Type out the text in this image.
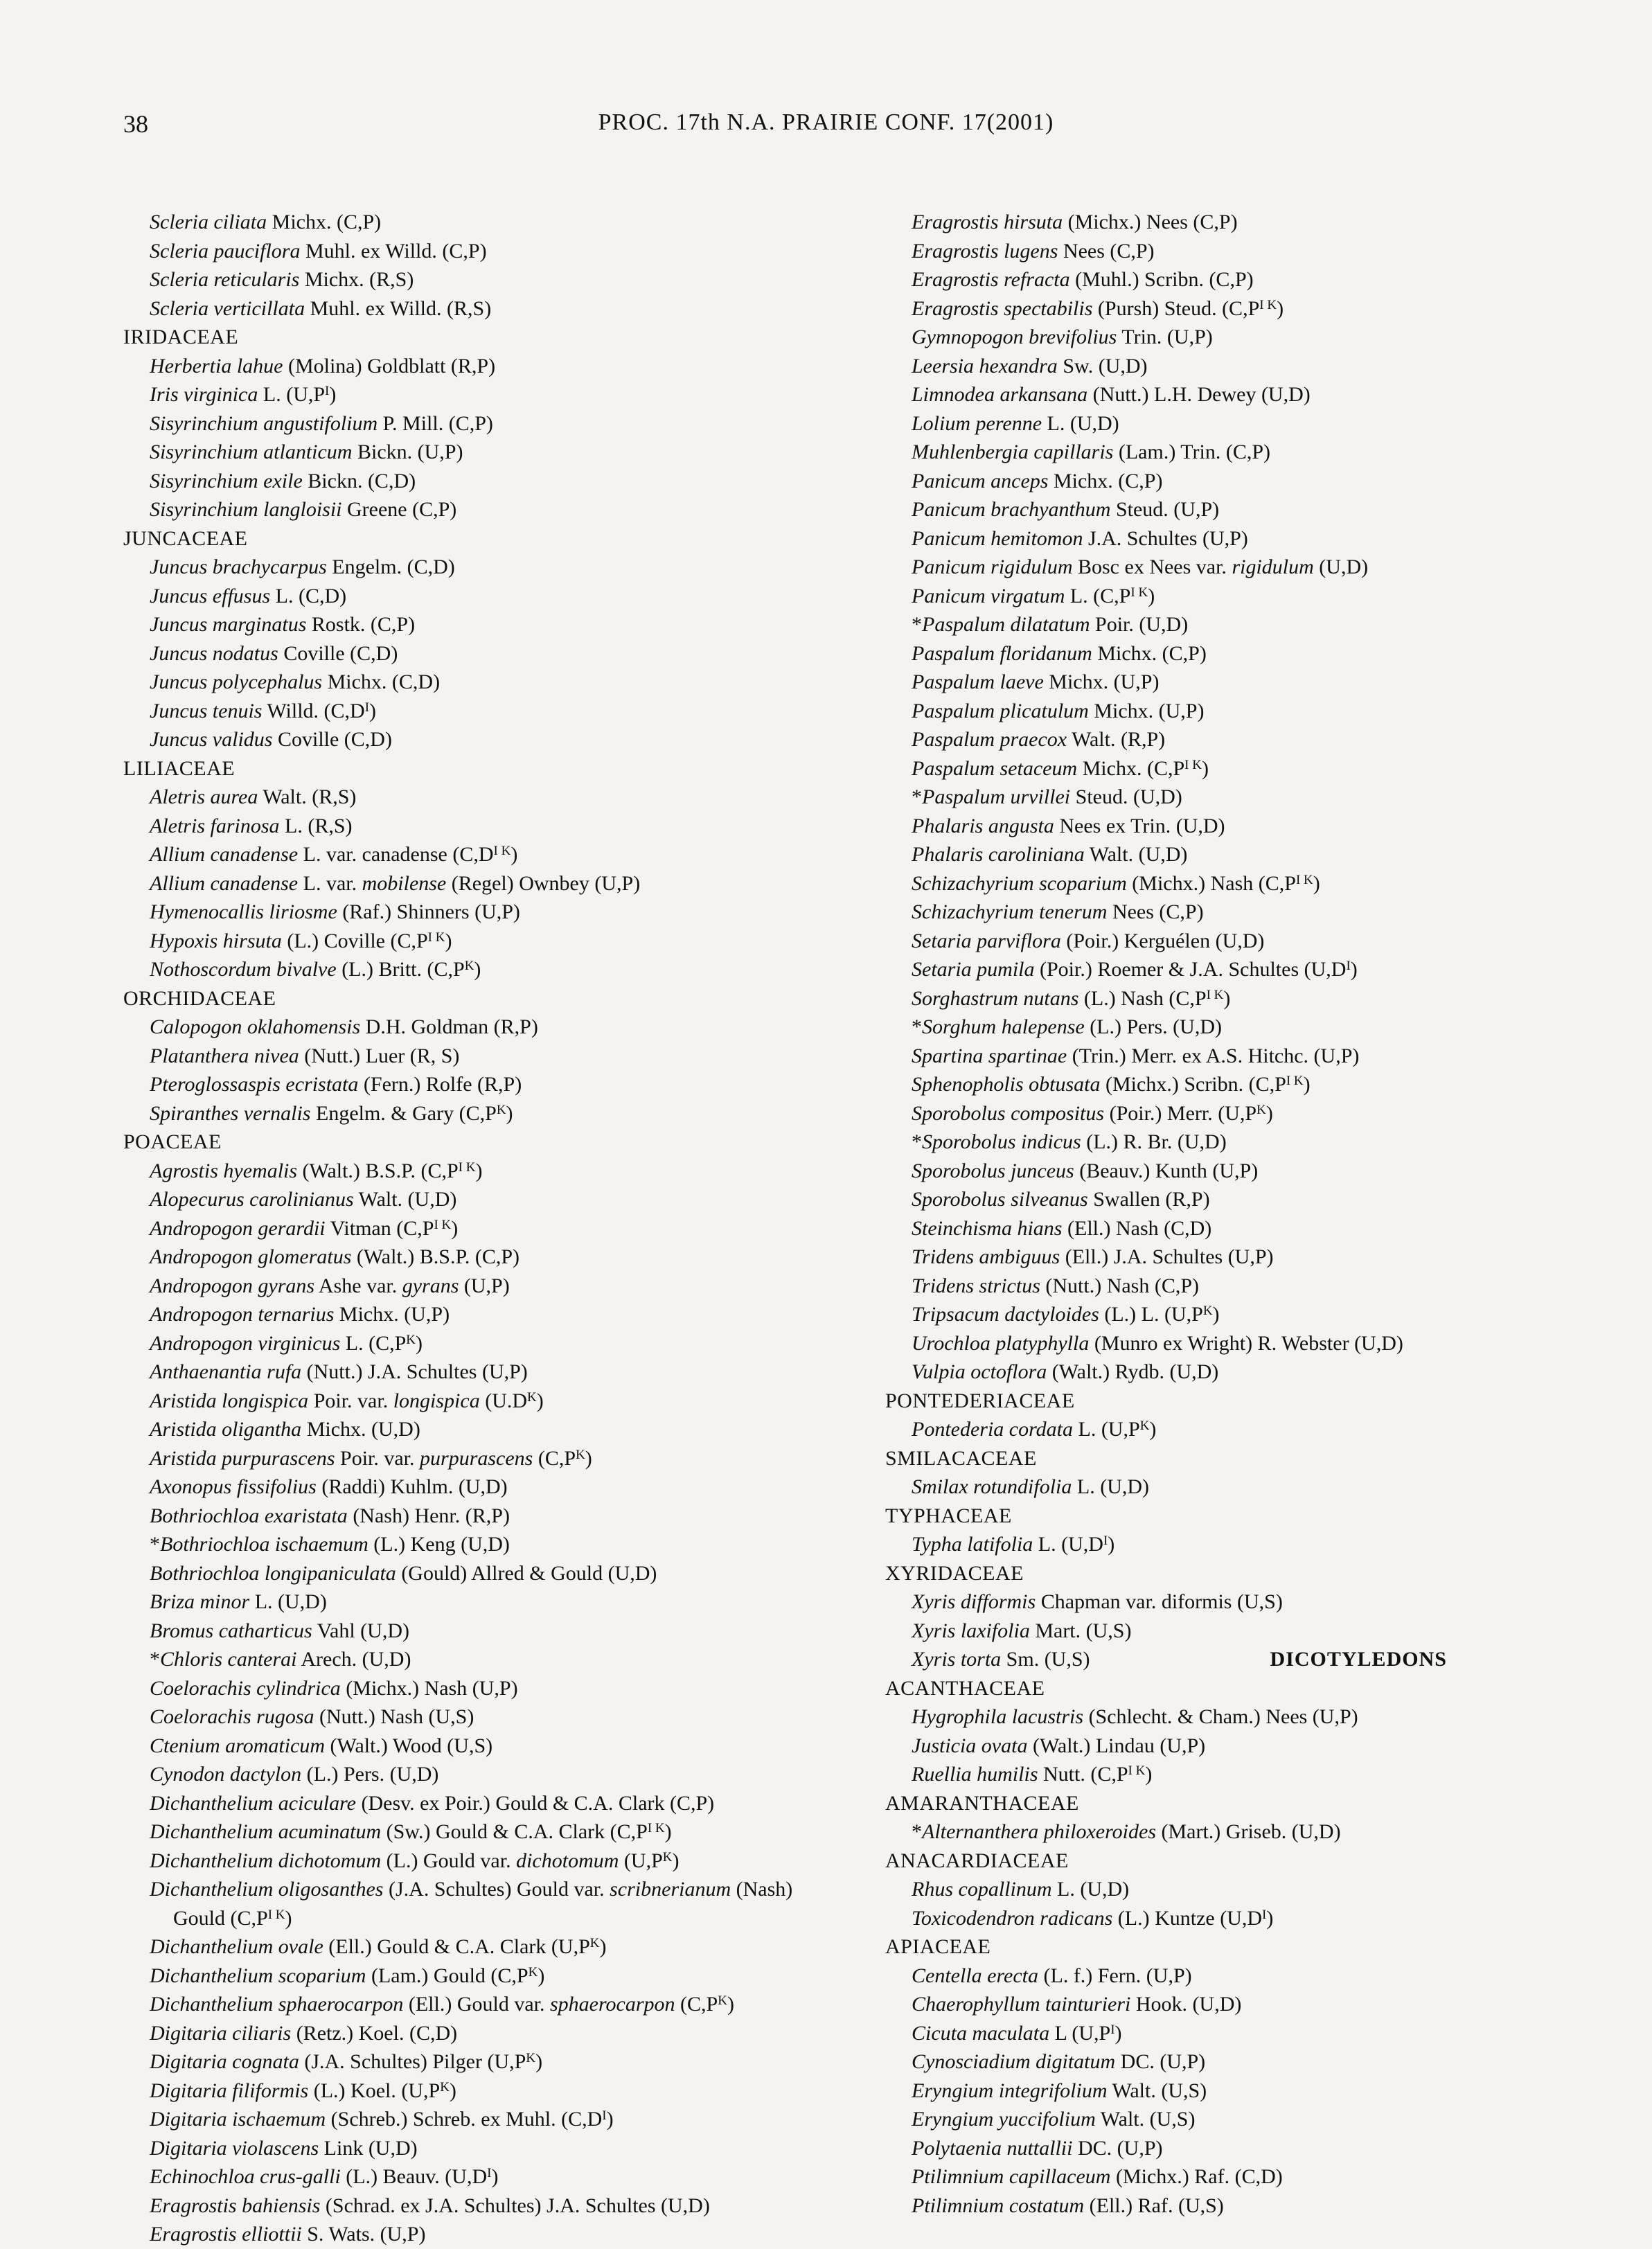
38	PROC. 17th N.A. PRAIRIE CONF. 17(2001)
Scleria ciliata Michx. (C,P)
Scleria pauciflora Muhl. ex Willd. (C,P)
Scleria reticularis Michx. (R,S)
Scleria verticillata Muhl. ex Willd. (R,S)
IRIDACEAE
Herbertia lahue (Molina) Goldblatt (R,P)
Iris virginica L. $(U,P^I)$
Sisyrinchium angustifolium P. Mill. (C,P)
Sisyrinchium atlanticum Bickn. (U,P)
Sisyrinchium exile Bickn. (C,D)
Sisyrinchium langloisii Greene (C,P)
JUNCACEAE
Juncus brachycarpus Engelm. (C,D)
Juncus effusus L. (C,D)
Juncus marginatus Rostk. (C,P)
Juncus nodatus Coville (C,D)
Juncus polycephalus Michx. (C,D)
Juncus tenuis Willd. $(C,D^I)$
Juncus validus Coville (C,D)
LILIACEAE
Aletris aurea Walt. (R,S)
Aletris farinosa L. (R,S)
Allium canadense L. var. canadense $(C,D^{I K})$
Allium canadense L. var. mobilense (Regel) Ownbey (U,P)
Hymenocallis liriosme (Raf.) Shinners (U,P)
Hypoxis hirsuta (L.) Coville $(C,P^{I K})$
Nothoscordum bivalve (L.) Britt. $(C,P^K)$
ORCHIDACEAE
Calopogon oklahomensis D.H. Goldman (R,P)
Platanthera nivea (Nutt.) Luer (R, S)
Pteroglossaspis ecristata (Fern.) Rolfe (R,P)
Spiranthes vernalis Engelm. & Gary $(C,P^K)$
POACEAE
Agrostis hyemalis (Walt.) B.S.P. $(C,P^{I K})$
Alopecurus carolinianus Walt. (U,D)
Andropogon gerardii Vitman $(C,P^{I K})$
Andropogon glomeratus (Walt.) B.S.P. (C,P)
Andropogon gyrans Ashe var. gyrans (U,P)
Andropogon ternarius Michx. (U,P)
Andropogon virginicus L. $(C,P^K)$
Anthaenantia rufa (Nutt.) J.A. Schultes (U,P)
Aristida longispica Poir. var. longispica $(U.D^K)$
Aristida oligantha Michx. (U,D)
Aristida purpurascens Poir. var. purpurascens $(C,P^K)$
Axonopus fissifolius (Raddi) Kuhlm. (U,D)
Bothriochloa exaristata (Nash) Henr. (R,P)
*Bothriochloa ischaemum (L.) Keng (U,D)
Bothriochloa longipaniculata (Gould) Allred & Gould (U,D)
Briza minor L. (U,D)
Bromus catharticus Vahl (U,D)
*Chloris canterai Arech. (U,D)
Coelorachis cylindrica (Michx.) Nash (U,P)
Coelorachis rugosa (Nutt.) Nash (U,S)
Ctenium aromaticum (Walt.) Wood (U,S)
Cynodon dactylon (L.) Pers. (U,D)
Dichanthelium aciculare (Desv. ex Poir.) Gould & C.A. Clark (C,P)
Dichanthelium acuminatum (Sw.) Gould & C.A. Clark $(C,P^{I K})$
Dichanthelium dichotomum (L.) Gould var. dichotomum $(U,P^K)$
Dichanthelium oligosanthes (J.A. Schultes) Gould var. scribnerianum (Nash)
Gould $(C,P^{I K})$
Dichanthelium ovale (Ell.) Gould & C.A. Clark $(U,P^K)$
Dichanthelium scoparium (Lam.) Gould $(C,P^K)$
Dichanthelium sphaerocarpon (Ell.) Gould var. sphaerocarpon $(C,P^K)$
Digitaria ciliaris (Retz.) Koel. (C,D)
Digitaria cognata (J.A. Schultes) Pilger $(U,P^K)$
Digitaria filiformis (L.) Koel. $(U,P^K)$
Digitaria ischaemum (Schreb.) Schreb. ex Muhl. $(C,D^I)$
Digitaria violascens Link (U,D)
Echinochloa crus-galli (L.) Beauv. $(U,D^I)$
Eragrostis bahiensis (Schrad. ex J.A. Schultes) J.A. Schultes (U,D)
Eragrostis elliottii S. Wats. (U,P)
Eragrostis hirsuta (Michx.) Nees (C,P)
Eragrostis lugens Nees (C,P)
Eragrostis refracta (Muhl.) Scribn. (C,P)
Eragrostis spectabilis (Pursh) Steud. $(C,P^{I K})$
Gymnopogon brevifolius Trin. (U,P)
Leersia hexandra Sw. (U,D)
Limnodea arkansana (Nutt.) L.H. Dewey (U,D)
Lolium perenne L. (U,D)
Muhlenbergia capillaris (Lam.) Trin. (C,P)
Panicum anceps Michx. (C,P)
Panicum brachyanthum Steud. (U,P)
Panicum hemitomon J.A. Schultes (U,P)
Panicum rigidulum Bosc ex Nees var. rigidulum (U,D)
Panicum virgatum L. $(C,P^{I K})$
*Paspalum dilatatum Poir. (U,D)
Paspalum floridanum Michx. (C,P)
Paspalum laeve Michx. (U,P)
Paspalum plicatulum Michx. (U,P)
Paspalum praecox Walt. (R,P)
Paspalum setaceum Michx. $(C,P^{I K})$
*Paspalum urvillei Steud. (U,D)
Phalaris angusta Nees ex Trin. (U,D)
Phalaris caroliniana Walt. (U,D)
Schizachyrium scoparium (Michx.) Nash $(C,P^{I K})$
Schizachyrium tenerum Nees (C,P)
Setaria parviflora (Poir.) Kerguélen (U,D)
Setaria pumila (Poir.) Roemer & J.A. Schultes $(U,D^I)$
Sorghastrum nutans (L.) Nash $(C,P^{I K})$
*Sorghum halepense (L.) Pers. (U,D)
Spartina spartinae (Trin.) Merr. ex A.S. Hitchc. (U,P)
Sphenopholis obtusata (Michx.) Scribn. $(C,P^{I K})$
Sporobolus compositus (Poir.) Merr. $(U,P^K)$
*Sporobolus indicus (L.) R. Br. (U,D)
Sporobolus junceus (Beauv.) Kunth (U,P)
Sporobolus silveanus Swallen (R,P)
Steinchisma hians (Ell.) Nash (C,D)
Tridens ambiguus (Ell.) J.A. Schultes (U,P)
Tridens strictus (Nutt.) Nash (C,P)
Tripsacum dactyloides (L.) L. $(U,P^K)$
Urochloa platyphylla (Munro ex Wright) R. Webster (U,D)
Vulpia octoflora (Walt.) Rydb. (U,D)
PONTEDERIACEAE
Pontederia cordata L. $(U,P^K)$
SMILACACEAE
Smilax rotundifolia L. (U,D)
TYPHACEAE
Typha latifolia L. $(U,D^I)$
XYRIDACEAE
Xyris difformis Chapman var. diformis (U,S)
Xyris laxifolia Mart. (U,S)
Xyris torta Sm. (U,S)	DICOTYLEDONS
ACANTHACEAE
Hygrophila lacustris (Schlecht. & Cham.) Nees (U,P)
Justicia ovata (Walt.) Lindau (U,P)
Ruellia humilis Nutt. $(C,P^{I K})$
AMARANTHACEAE
*Alternanthera philoxeroides (Mart.) Griseb. (U,D)
ANACARDIACEAE
Rhus copallinum L. (U,D)
Toxicodendron radicans (L.) Kuntze $(U,D^I)$
APIACEAE
Centella erecta (L. f.) Fern. (U,P)
Chaerophyllum tainturieri Hook. (U,D)
Cicuta maculata L $(U,P^I)$
Cynosciadium digitatum DC. (U,P)
Eryngium integrifolium Walt. (U,S)
Eryngium yuccifolium Walt. (U,S)
Polytaenia nuttallii DC. (U,P)
Ptilimnium capillaceum (Michx.) Raf. (C,D)
Ptilimnium costatum (Ell.) Raf. (U,S)
